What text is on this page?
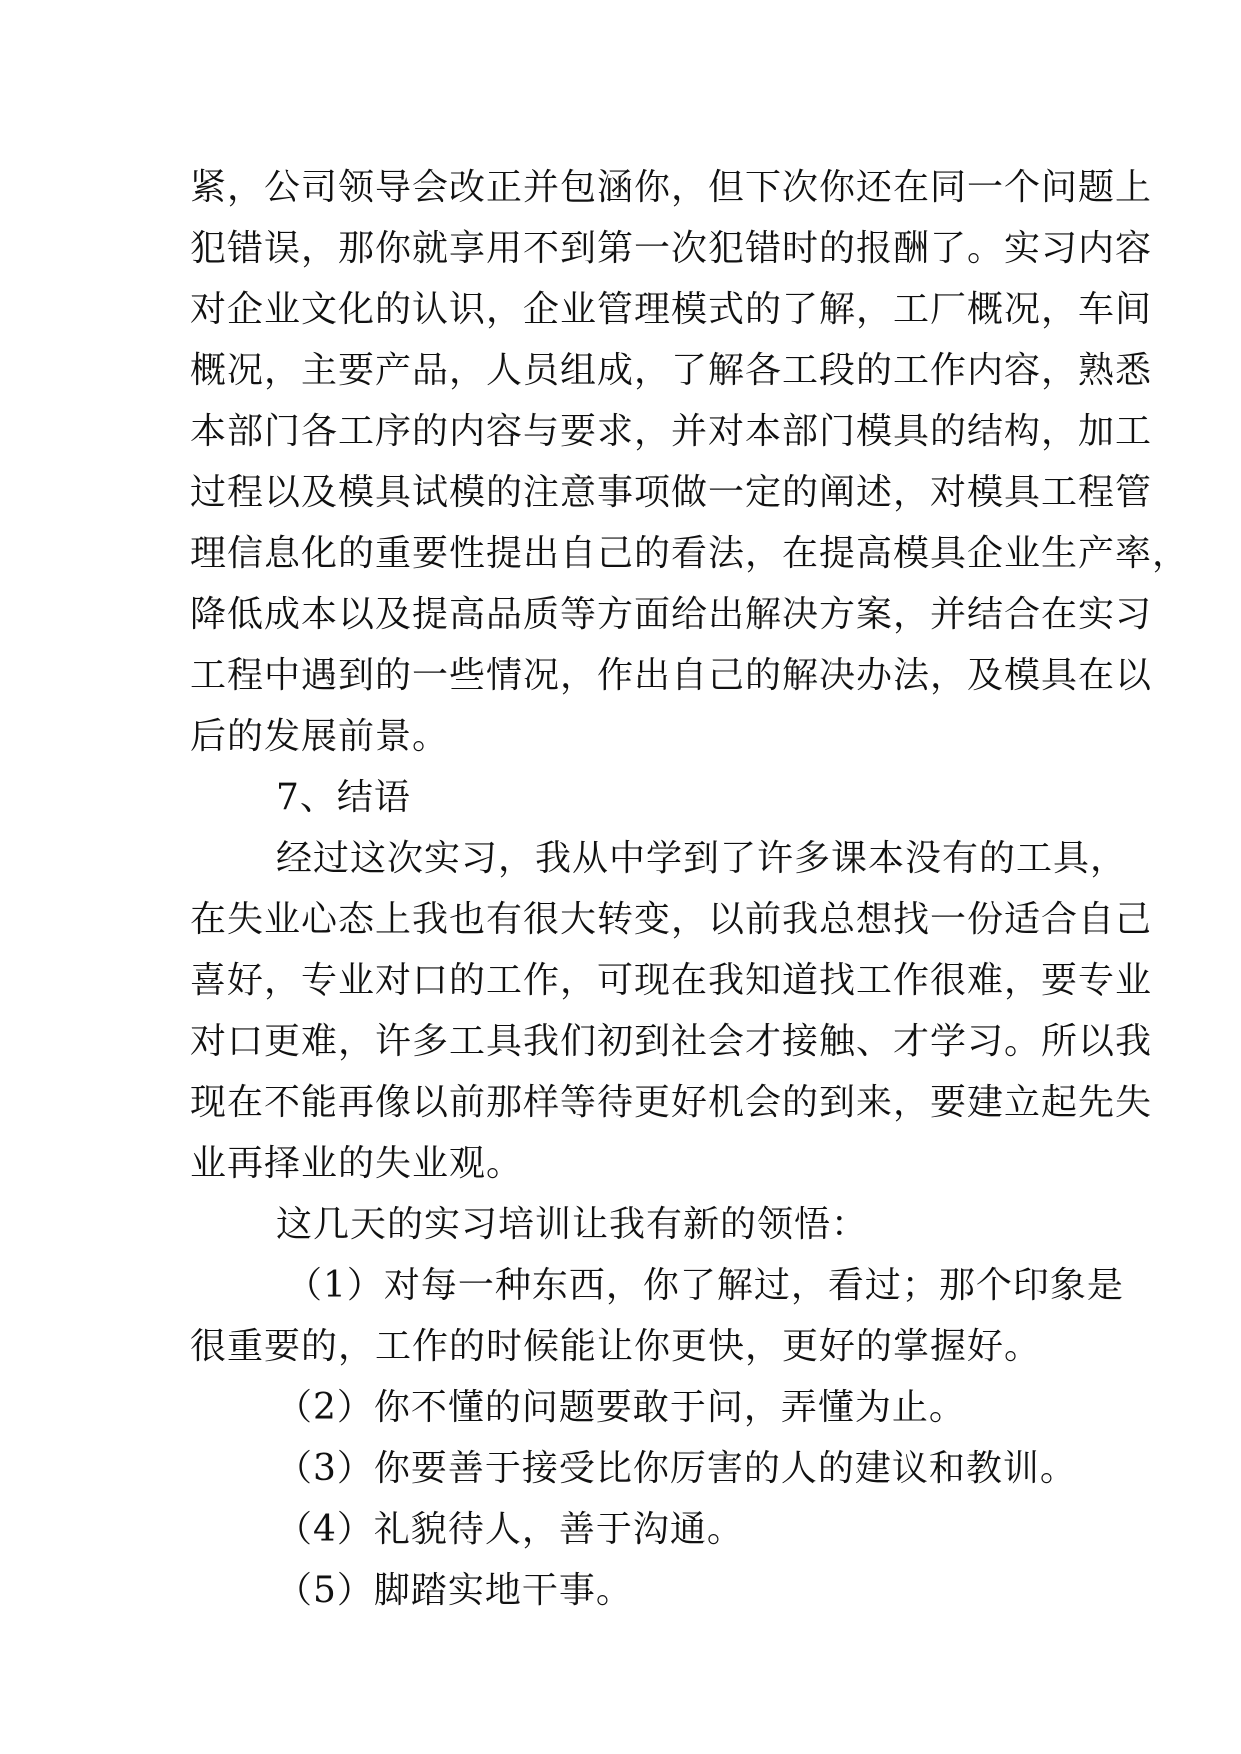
紧，公司领导会改正并包涵你，但下次你还在同一个问题上
犯错误，那你就享用不到第一次犯错时的报酬了。实习内容
对企业文化的认识，企业管理模式的了解，工厂概况，车间
概况，主要产品，人员组成，了解各工段的工作内容，熟悉
本部门各工序的内容与要求，并对本部门模具的结构，加工
过程以及模具试模的注意事项做一定的阐述，对模具工程管
理信息化的重要性提出自己的看法，在提高模具企业生产率，
降低成本以及提高品质等方面给出解决方案，并结合在实习
工程中遇到的一些情况，作出自己的解决办法，及模具在以
后的发展前景。
7、结语
经过这次实习，我从中学到了许多课本没有的工具，
在失业心态上我也有很大转变，以前我总想找一份适合自己
喜好，专业对口的工作，可现在我知道找工作很难，要专业
对口更难，许多工具我们初到社会才接触、才学习。所以我
现在不能再像以前那样等待更好机会的到来，要建立起先失
业再择业的失业观。
这几天的实习培训让我有新的领悟：
（1）对每一种东西，你了解过，看过；那个印象是
很重要的，工作的时候能让你更快，更好的掌握好。
（2）你不懂的问题要敢于问，弄懂为止。
（3）你要善于接受比你厉害的人的建议和教训。
（4）礼貌待人，善于沟通。
（5）脚踏实地干事。
